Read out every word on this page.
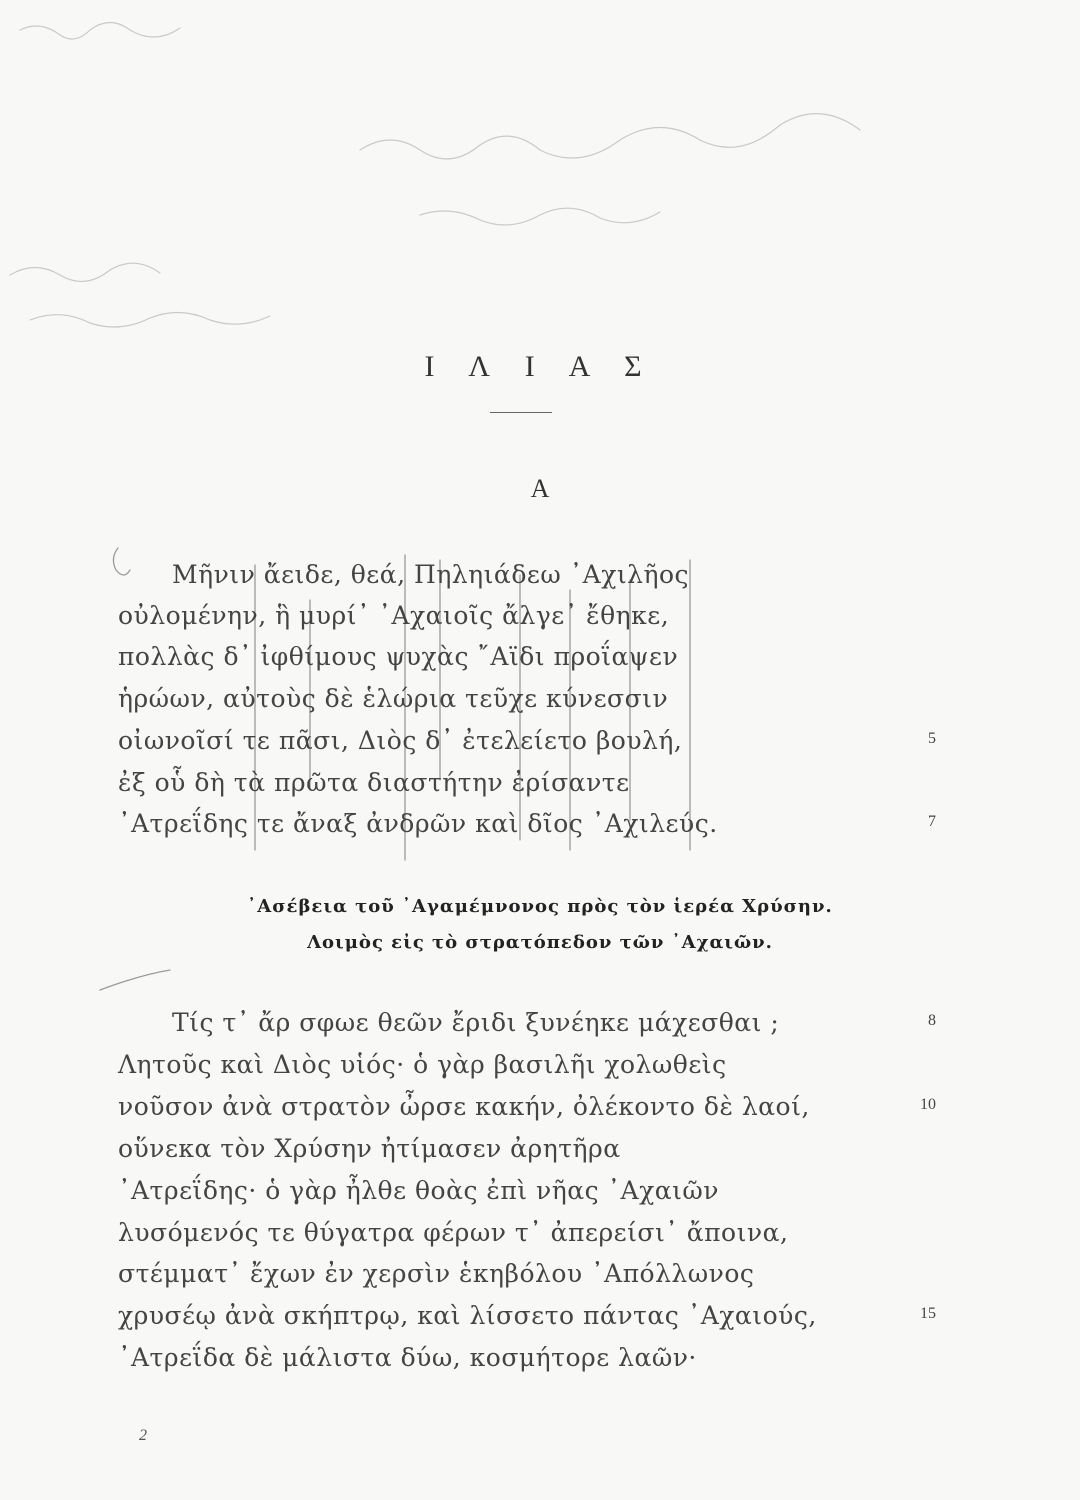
Ι Λ Ι Α Σ
Α
Μῆνιν ἄειδε, θεά, Πηληιάδεω ᾿Αχιλῆος
οὐλομένην, ἣ μυρί᾿ ᾿Αχαιοῖς ἄλγε᾿ ἔθηκε,
πολλὰς δ᾿ ἰφθίμους ψυχὰς ῎Αϊδι προΐαψεν
ἡρώων, αὐτοὺς δὲ ἑλώρια τεῦχε κύνεσσιν
οἰωνοῖσί τε πᾶσι, Διὸς δ᾿ ἐτελείετο βουλή,	5
ἐξ οὗ δὴ τὰ πρῶτα διαστήτην ἐρίσαντε
᾿Ατρεΐδης τε ἄναξ ἀνδρῶν καὶ δῖος ᾿Αχιλεύς.	7
᾿Ασέβεια τοῦ ᾿Αγαμέμνονος πρὸς τὸν ἱερέα Χρύσην.
Λοιμὸς εἰς τὸ στρατόπεδον τῶν ᾿Αχαιῶν.
Τίς τ᾿ ἄρ σφωε θεῶν ἔριδι ξυνέηκε μάχεσθαι ;	8
Λητοῦς καὶ Διὸς υἱός· ὁ γὰρ βασιλῆι χολωθεὶς
νοῦσον ἀνὰ στρατὸν ὦρσε κακήν, ὀλέκοντο δὲ λαοί,	10
οὕνεκα τὸν Χρύσην ἠτίμασεν ἀρητῆρα
᾿Ατρεΐδης· ὁ γὰρ ἦλθε θοὰς ἐπὶ νῆας ᾿Αχαιῶν
λυσόμενός τε θύγατρα φέρων τ᾿ ἀπερείσι᾿ ἄποινα,
στέμματ᾿ ἔχων ἐν χερσὶν ἑκηβόλου ᾿Απόλλωνος
χρυσέῳ ἀνὰ σκήπτρῳ, καὶ λίσσετο πάντας ᾿Αχαιούς,	15
᾿Ατρεΐδα δὲ μάλιστα δύω, κοσμήτορε λαῶν·
2
